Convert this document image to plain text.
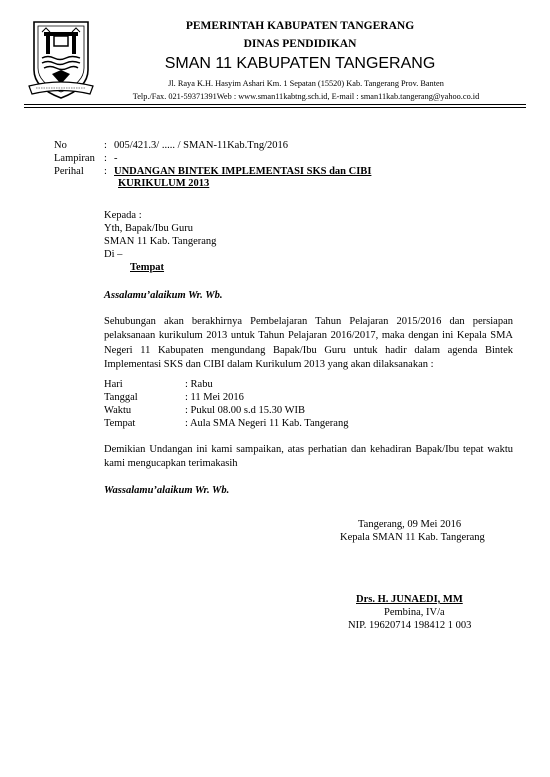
PEMERINTAH KABUPATEN TANGERANG
DINAS PENDIDIKAN
SMAN 11 KABUPATEN TANGERANG
Jl. Raya K.H. Hasyim Ashari Km. 1 Sepatan (15520) Kab. Tangerang Prov. Banten
Telp./Fax. 021-59371391Web : www.sman11kabtng.sch.id, E-mail : sman11kab.tangerang@yahoo.co.id
No	: 005/421.3/ ..... / SMAN-11Kab.Tng/2016
Lampiran : -
Perihal : UNDANGAN BINTEK IMPLEMENTASI SKS dan CIBI
KURIKULUM 2013
Kepada :
Yth, Bapak/Ibu Guru
SMAN 11 Kab. Tangerang
Di –
Tempat
Assalamu’alaikum Wr. Wb.
Sehubungan akan berakhirnya Pembelajaran Tahun Pelajaran 2015/2016 dan persiapan pelaksanaan kurikulum 2013 untuk Tahun Pelajaran 2016/2017, maka dengan ini Kepala SMA Negeri 11 Kabupaten mengundang Bapak/Ibu Guru untuk hadir dalam agenda Bintek Implementasi SKS dan CIBI dalam Kurikulum 2013 yang akan dilaksanakan :
Hari	: Rabu
Tanggal	: 11 Mei 2016
Waktu	: Pukul 08.00 s.d 15.30 WIB
Tempat	: Aula SMA Negeri 11 Kab. Tangerang
Demikian Undangan ini kami sampaikan, atas perhatian dan kehadiran Bapak/Ibu tepat waktu kami mengucapkan terimakasih
Wassalamu’alaikum Wr. Wb.
Tangerang, 09 Mei 2016
Kepala SMAN 11 Kab. Tangerang
Drs. H. JUNAEDI, MM
Pembina, IV/a
NIP. 19620714 198412 1 003
